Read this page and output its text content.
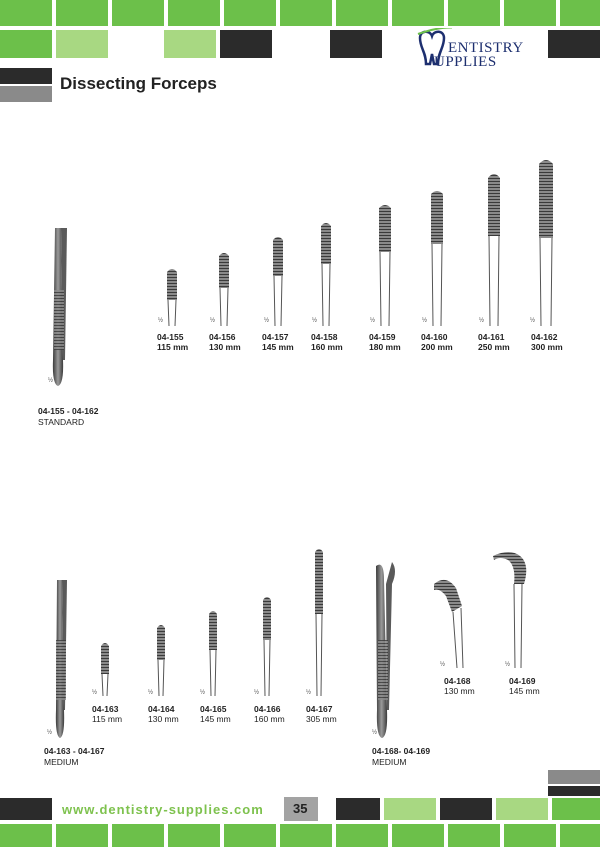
ENTISTRY
UPPLIES
Dissecting Forceps
½
½	½	½	½	½	½	½	½
½
½	½	½	½	½
½
½	½
04-155
115 mm
04-156
130 mm
04-157
145 mm
04-158
160 mm
04-159
180 mm
04-160
200 mm
04-161
250 mm
04-162
300 mm
04-155 - 04-162
STANDARD
04-163
115 mm
04-164
130 mm
04-165
145 mm
04-166
160 mm
04-167
305 mm
04-163 - 04-167
MEDIUM
04-168
130 mm
04-169
145 mm
04-168- 04-169
MEDIUM
www.dentistry-supplies.com 35
